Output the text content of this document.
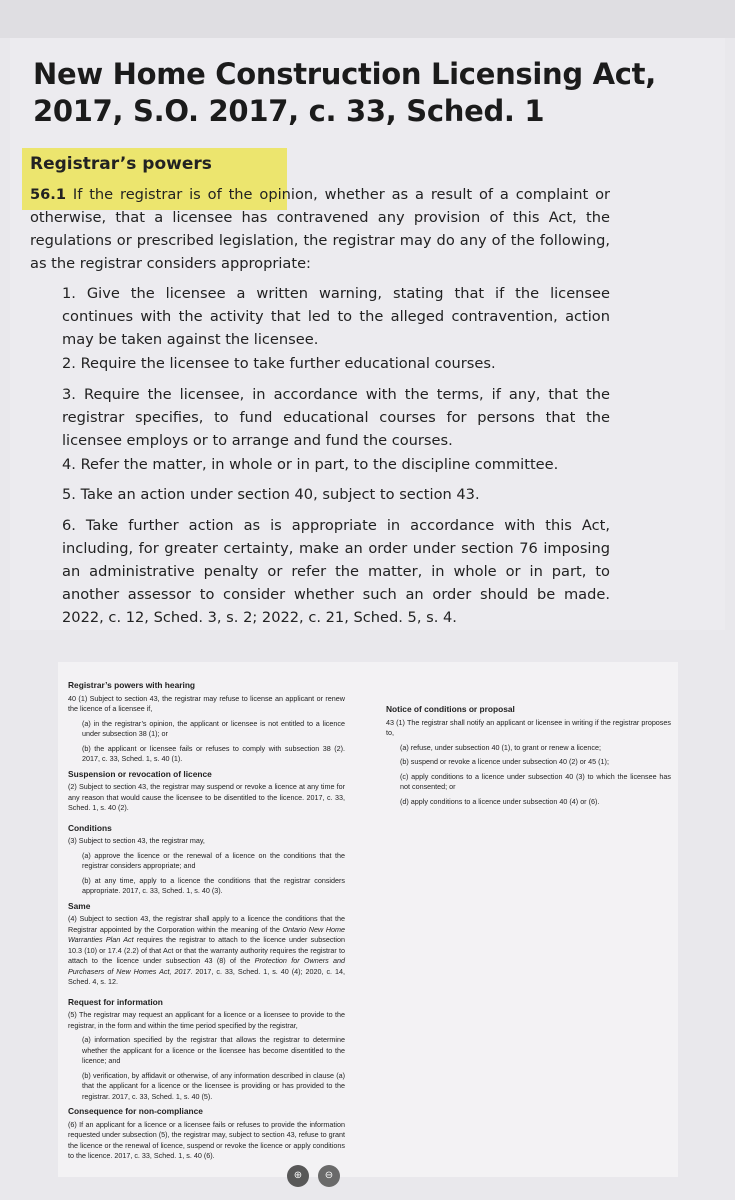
New Home Construction Licensing Act, 2017, S.O. 2017, c. 33, Sched. 1
Registrar’s powers

56.1 If the registrar is of the opinion, whether as a result of a complaint or otherwise, that a licensee has contravened any provision of this Act, the regulations or prescribed legislation, the registrar may do any of the following, as the registrar considers appropriate:

1. Give the licensee a written warning, stating that if the licensee continues with the activity that led to the alleged contravention, action may be taken against the licensee.

2. Require the licensee to take further educational courses.

3. Require the licensee, in accordance with the terms, if any, that the registrar specifies, to fund educational courses for persons that the licensee employs or to arrange and fund the courses.

4. Refer the matter, in whole or in part, to the discipline committee.

5. Take an action under section 40, subject to section 43.

6. Take further action as is appropriate in accordance with this Act, including, for greater certainty, make an order under section 76 imposing an administrative penalty or refer the matter, in whole or in part, to another assessor to consider whether such an order should be made. 2022, c. 12, Sched. 3, s. 2; 2022, c. 21, Sched. 5, s. 4.

Registrar’s powers with hearing
40 (1) Subject to section 43, the registrar may refuse to license an applicant or renew the licence of a licensee if,
(a) in the registrar’s opinion, the applicant or licensee is not entitled to a licence under subsection 38 (1); or
(b) the applicant or licensee fails or refuses to comply with subsection 38 (2). 2017, c. 33, Sched. 1, s. 40 (1).
Suspension or revocation of licence
(2) Subject to section 43, the registrar may suspend or revoke a licence at any time for any reason that would cause the licensee to be disentitled to the licence. 2017, c. 33, Sched. 1, s. 40 (2).
Conditions
(3) Subject to section 43, the registrar may,
(a) approve the licence or the renewal of a licence on the conditions that the registrar considers appropriate; and
(b) at any time, apply to a licence the conditions that the registrar considers appropriate. 2017, c. 33, Sched. 1, s. 40 (3).
Same
(4) Subject to section 43, the registrar shall apply to a licence the conditions that the Registrar appointed by the Corporation within the meaning of the Ontario New Home Warranties Plan Act requires the registrar to attach to the licence under subsection 10.3 (10) or 17.4 (2.2) of that Act or that the warranty authority requires the registrar to attach to the licence under subsection 43 (8) of the Protection for Owners and Purchasers of New Homes Act, 2017. 2017, c. 33, Sched. 1, s. 40 (4); 2020, c. 14, Sched. 4, s. 12.
Request for information
(5) The registrar may request an applicant for a licence or a licensee to provide to the registrar, in the form and within the time period specified by the registrar,
(a) information specified by the registrar that allows the registrar to determine whether the applicant for a licence or the licensee has become disentitled to the licence; and
(b) verification, by affidavit or otherwise, of any information described in clause (a) that the applicant for a licence or the licensee is providing or has provided to the registrar. 2017, c. 33, Sched. 1, s. 40 (5).
Consequence for non-compliance
(6) If an applicant for a licence or a licensee fails or refuses to provide the information requested under subsection (5), the registrar may, subject to section 43, refuse to grant the licence or the renewal of licence, suspend or revoke the licence or apply conditions to the licence. 2017, c. 33, Sched. 1, s. 40 (6).
Notice of conditions or proposal
43 (1) The registrar shall notify an applicant or licensee in writing if the registrar proposes to,
(a) refuse, under subsection 40 (1), to grant or renew a licence;
(b) suspend or revoke a licence under subsection 40 (2) or 45 (1);
(c) apply conditions to a licence under subsection 40 (3) to which the licensee has not consented; or
(d) apply conditions to a licence under subsection 40 (4) or (6).
⊕	⊖
